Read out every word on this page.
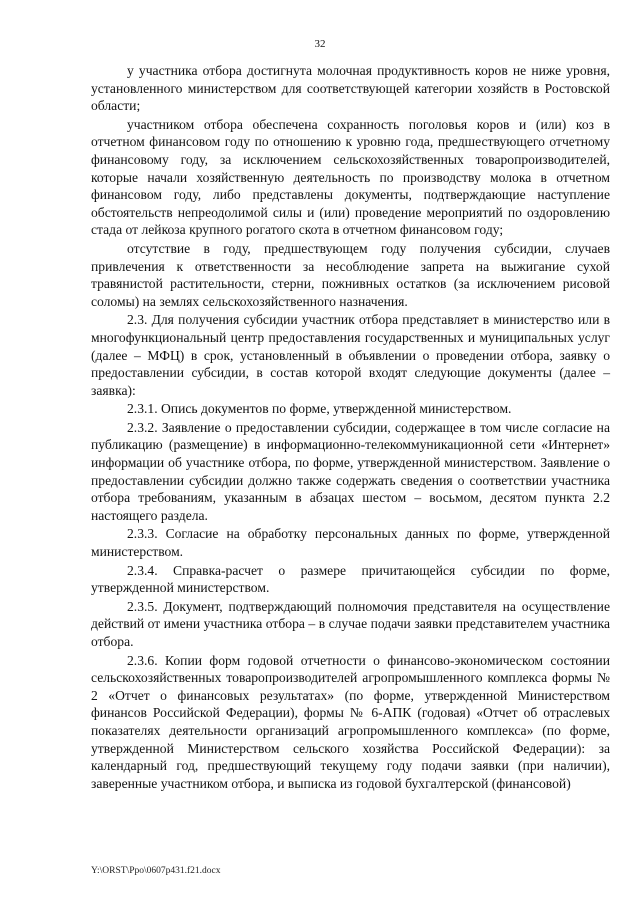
32

у участника отбора достигнута молочная продуктивность коров не ниже уровня, установленного министерством для соответствующей категории хозяйств в Ростовской области;

участником отбора обеспечена сохранность поголовья коров и (или) коз в отчетном финансовом году по отношению к уровню года, предшествующего отчетному финансовому году, за исключением сельскохозяйственных товаропроизводителей, которые начали хозяйственную деятельность по производству молока в отчетном финансовом году, либо представлены документы, подтверждающие наступление обстоятельств непреодолимой силы и (или) проведение мероприятий по оздоровлению стада от лейкоза крупного рогатого скота в отчетном финансовом году;

отсутствие в году, предшествующем году получения субсидии, случаев привлечения к ответственности за несоблюдение запрета на выжигание сухой травянистой растительности, стерни, пожнивных остатков (за исключением рисовой соломы) на землях сельскохозяйственного назначения.

2.3. Для получения субсидии участник отбора представляет в министерство или в многофункциональный центр предоставления государственных и муниципальных услуг (далее – МФЦ) в срок, установленный в объявлении о проведении отбора, заявку о предоставлении субсидии, в состав которой входят следующие документы (далее – заявка):

2.3.1. Опись документов по форме, утвержденной министерством.

2.3.2. Заявление о предоставлении субсидии, содержащее в том числе согласие на публикацию (размещение) в информационно-телекоммуникационной сети «Интернет» информации об участнике отбора, по форме, утвержденной министерством. Заявление о предоставлении субсидии должно также содержать сведения о соответствии участника отбора требованиям, указанным в абзацах шестом – восьмом, десятом пункта 2.2 настоящего раздела.

2.3.3. Согласие на обработку персональных данных по форме, утвержденной министерством.

2.3.4. Справка-расчет о размере причитающейся субсидии по форме, утвержденной министерством.

2.3.5. Документ, подтверждающий полномочия представителя на осуществление действий от имени участника отбора – в случае подачи заявки представителем участника отбора.

2.3.6. Копии форм годовой отчетности о финансово-экономическом состоянии сельскохозяйственных товаропроизводителей агропромышленного комплекса формы № 2 «Отчет о финансовых результатах» (по форме, утвержденной Министерством финансов Российской Федерации), формы № 6-АПК (годовая) «Отчет об отраслевых показателях деятельности организаций агропромышленного комплекса» (по форме, утвержденной Министерством сельского хозяйства Российской Федерации): за календарный год, предшествующий текущему году подачи заявки (при наличии), заверенные участником отбора, и выписка из годовой бухгалтерской (финансовой)

Y:\ORST\Ppo\0607p431.f21.docx
